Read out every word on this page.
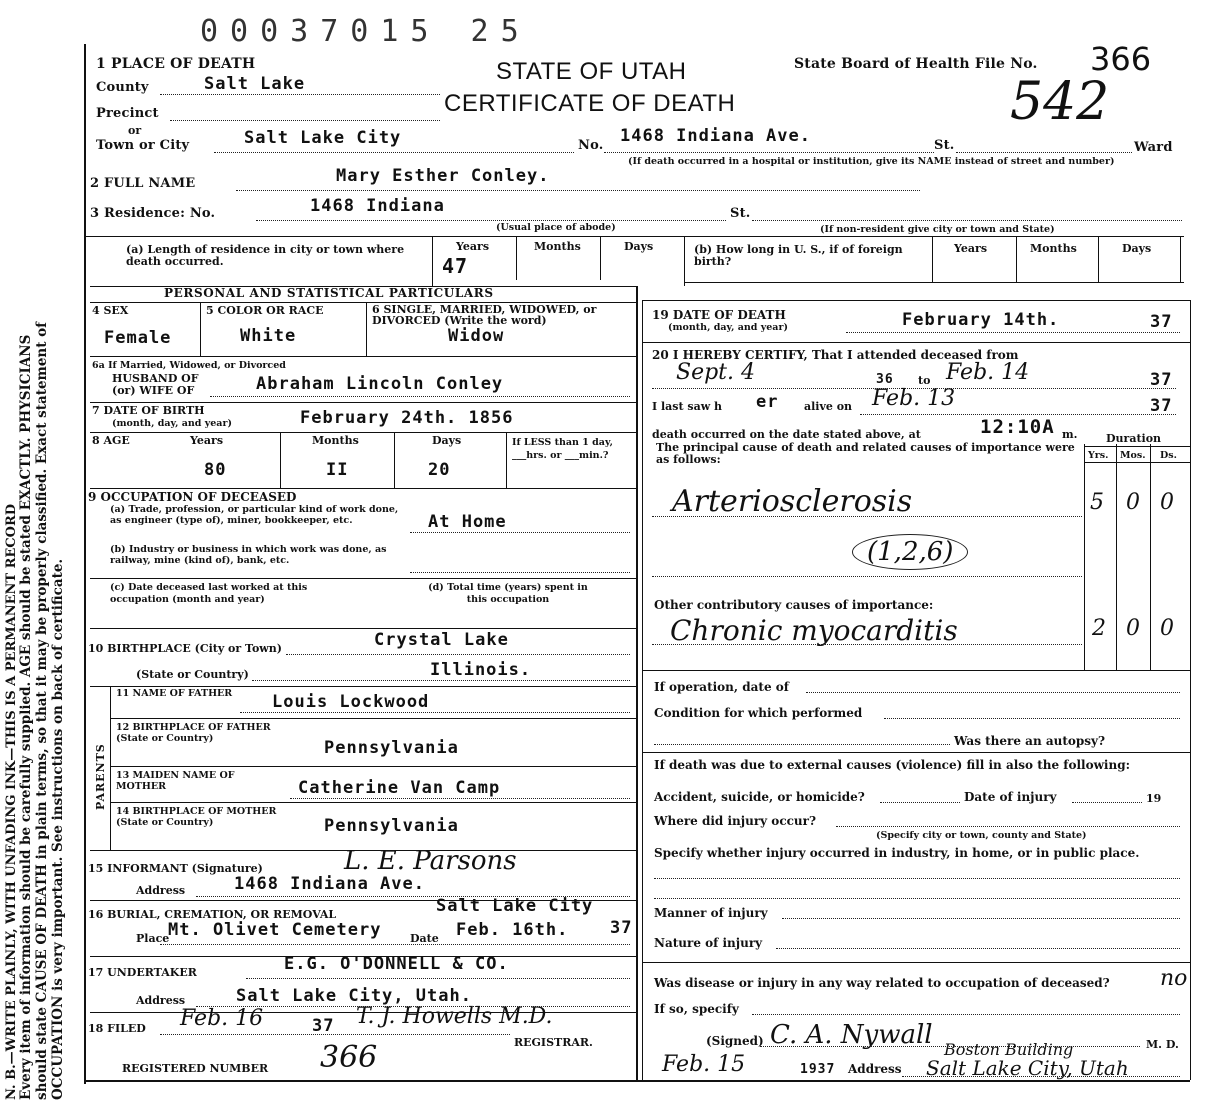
00037015 25
N. B.—WRITE PLAINLY, WITH UNFADING INK—THIS IS A PERMANENT RECORD Every item of information should be carefully supplied. AGE should be stated EXACTLY. PHYSICIANS should state CAUSE OF DEATH in plain terms, so that it may be properly classified. Exact statement of OCCUPATION is very important. See instructions on back of certificate.
1 PLACE OF DEATH	STATE OF UTAH
CERTIFICATE OF DEATH
State Board of Health File No. 366
542
County	Salt Lake
Precinct
or
Town or City	Salt Lake City	No. 1468 Indiana Ave.	St.	Ward
(If death occurred in a hospital or institution, give its NAME instead of street and number)
2 FULL NAME	Mary Esther Conley.
3 Residence: No.	1468 Indiana	St.
(Usual place of abode)	(If non-resident give city or town and State)
(a) Length of residence in city or town where death occurred.
Years	Months	Days
47
(b) How long in U. S., if of foreign birth?
Years	Months	Days
PERSONAL AND STATISTICAL PARTICULARS
4 SEX
Female
5 COLOR OR RACE
White
6 SINGLE, MARRIED, WIDOWED, or DIVORCED (Write the word)
Widow
6a If Married, Widowed, or Divorced
HUSBAND OF
(or) WIFE OF	Abraham Lincoln Conley
7 DATE OF BIRTH
(month, day, and year)	February 24th. 1856
8 AGE	Years	Months	Days
80	II	20
If LESS than 1 day, ___hrs. or ___min.?
9 OCCUPATION OF DECEASED
(a) Trade, profession, or particular kind of work done, as engineer (type of), miner, bookkeeper, etc.	At Home
(b) Industry or business in which work was done, as railway, mine (kind of), bank, etc.
(c) Date deceased last worked at this occupation (month and year)
(d) Total time (years) spent in this occupation
10 BIRTHPLACE (City or Town)	Crystal Lake
(State or Country)	Illinois.
PARENTS
11 NAME OF FATHER Louis Lockwood
12 BIRTHPLACE OF FATHER (State or Country)	Pennsylvania
13 MAIDEN NAME OF MOTHER	Catherine Van Camp
14 BIRTHPLACE OF MOTHER (State or Country)	Pennsylvania
15 INFORMANT (Signature)	L. E. Parsons
Address	1468 Indiana Ave.
16 BURIAL, CREMATION, OR REMOVAL	Salt Lake City
Place
Mt. Olivet Cemetery	Date Feb. 16th. 37
17 UNDERTAKER	E.G. O'DONNELL & CO.
Address	Salt Lake City, Utah.
18 FILED Feb. 16	37 T. J. Howells M.D.
REGISTRAR.
REGISTERED NUMBER 366
19 DATE OF DEATH
(month, day, and year)	February 14th.	37
20 I HEREBY CERTIFY, That I attended deceased from
Sept. 4	36 to Feb. 14	37
I last saw h er alive on Feb. 13	37
death occurred on the date stated above, at	12:10A m.
The principal cause of death and related causes of importance were as follows:
Duration
Yrs. Mos. Ds.
Arteriosclerosis	5 0 0
(1,2,6)
Other contributory causes of importance:
Chronic myocarditis	2 0 0
If operation, date of
Condition for which performed
Was there an autopsy?
If death was due to external causes (violence) fill in also the following:
Accident, suicide, or homicide?	Date of injury	19
Where did injury occur?
(Specify city or town, county and State)
Specify whether injury occurred in industry, in home, or in public place.
Manner of injury
Nature of injury
Was disease or injury in any way related to occupation of deceased? no
If so, specify
(Signed) C. A. Nywall	M. D.
Feb. 15	1937 Address
Boston Building
Salt Lake City, Utah
